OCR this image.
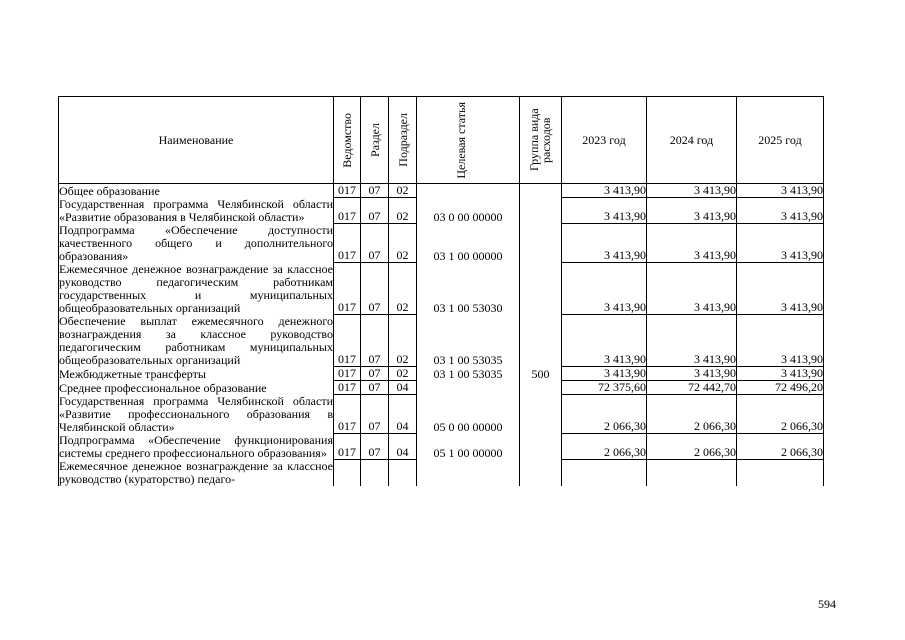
Наименование	Ведомство	Раздел	Подраздел	Целевая статья	Группа вида расходов	2023 год	2024 год	2025 год
Общее образование	017	07	02			3 413,90	3 413,90	3 413,90
Государственная программа Челябинской области «Развитие образования в Челябинской области»	017	07	02	03 0 00 00000		3 413,90	3 413,90	3 413,90
Подпрограмма «Обеспечение доступности качественного общего и дополнительного образования»	017	07	02	03 1 00 00000		3 413,90	3 413,90	3 413,90
Ежемесячное денежное вознаграждение за классное руководство педагогическим работникам государственных и муниципальных общеобразовательных организаций	017	07	02	03 1 00 53030		3 413,90	3 413,90	3 413,90
Обеспечение выплат ежемесячного денежного вознаграждения за классное руководство педагогическим работникам муниципальных общеобразовательных организаций	017	07	02	03 1 00 53035		3 413,90	3 413,90	3 413,90
Межбюджетные трансферты	017	07	02	03 1 00 53035	500	3 413,90	3 413,90	3 413,90
Среднее профессиональное образование	017	07	04			72 375,60	72 442,70	72 496,20
Государственная программа Челябинской области «Развитие профессионального образования в Челябинской области»	017	07	04	05 0 00 00000		2 066,30	2 066,30	2 066,30
Подпрограмма «Обеспечение функционирования системы среднего профессионального образования»	017	07	04	05 1 00 00000		2 066,30	2 066,30	2 066,30
Ежемесячное денежное вознаграждение за классное руководство (кураторство) педаго-								
594
